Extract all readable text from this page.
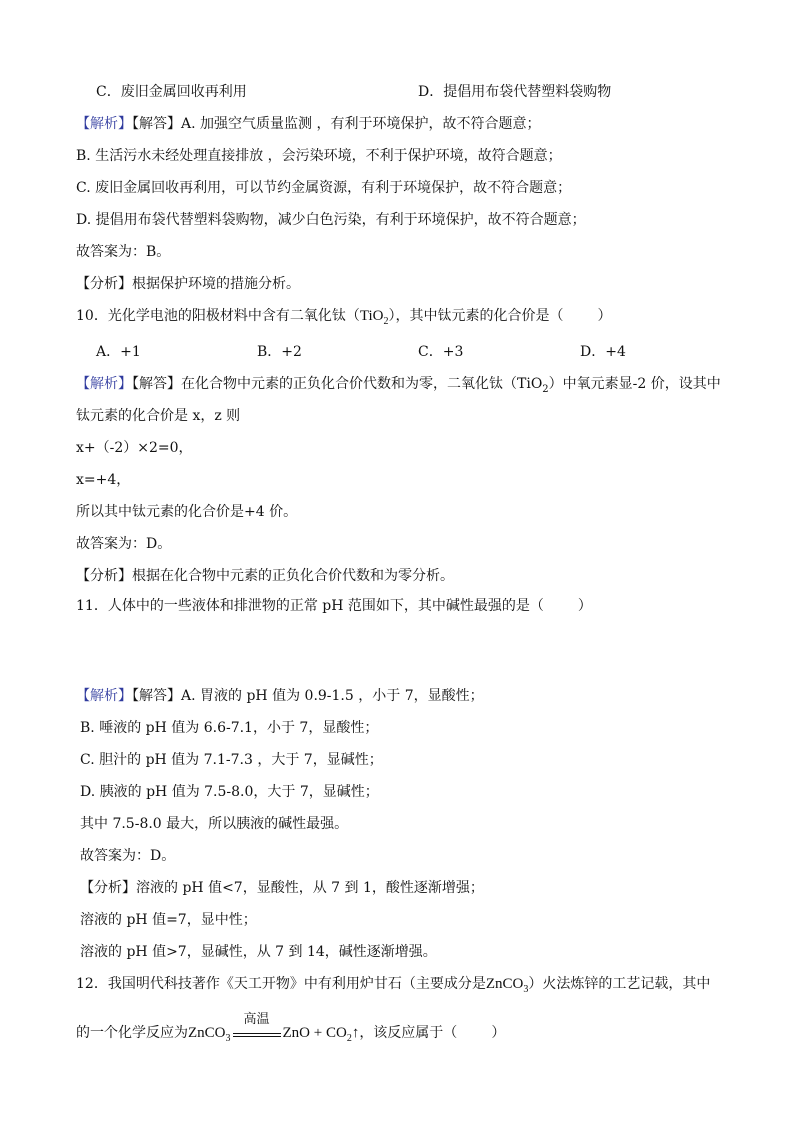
C．废旧金属回收再利用	D．提倡用布袋代替塑料袋购物
【解析】【解答】A. 加强空气质量监测 ，有利于环境保护，故不符合题意；
B. 生活污水未经处理直接排放 ，会污染环境，不利于保护环境，故符合题意；
C. 废旧金属回收再利用，可以节约金属资源，有利于环境保护，故不符合题意；
D. 提倡用布袋代替塑料袋购物，减少白色污染，有利于环境保护，故不符合题意；
故答案为：B。
【分析】根据保护环境的措施分析。
10．光化学电池的阳极材料中含有二氧化钛（TiO$_2$），其中钛元素的化合价是（ ）
A．+1	B．+2	C．+3	D．+4
【解析】【解答】在化合物中元素的正负化合价代数和为零，二氧化钛（TiO$_2$）中氧元素显-2 价，设其中
钛元素的化合价是 x，z 则
x+（-2）×2=0，
x=+4，
所以其中钛元素的化合价是+4 价。
故答案为：D。
【分析】根据在化合物中元素的正负化合价代数和为零分析。
11．人体中的一些液体和排泄物的正常 pH 范围如下，其中碱性最强的是（ ）
【解析】【解答】A. 胃液的 pH 值为 0.9-1.5 ，小于 7，显酸性；
B. 唾液的 pH 值为 6.6-7.1，小于 7，显酸性；
C. 胆汁的 pH 值为 7.1-7.3 ，大于 7，显碱性；
D. 胰液的 pH 值为 7.5-8.0，大于 7，显碱性；
其中 7.5-8.0 最大，所以胰液的碱性最强。
故答案为：D。
【分析】溶液的 pH 值<7，显酸性，从 7 到 1，酸性逐渐增强；
溶液的 pH 值=7，显中性；
溶液的 pH 值>7，显碱性，从 7 到 14，碱性逐渐增强。
12．我国明代科技著作《天工开物》中有利用炉甘石（主要成分是ZnCO$_3$）火法炼锌的工艺记载，其中
的一个化学反应为ZnCO$_3$
高温
ZnO + $CO_2↑$，该反应属于（ ）
